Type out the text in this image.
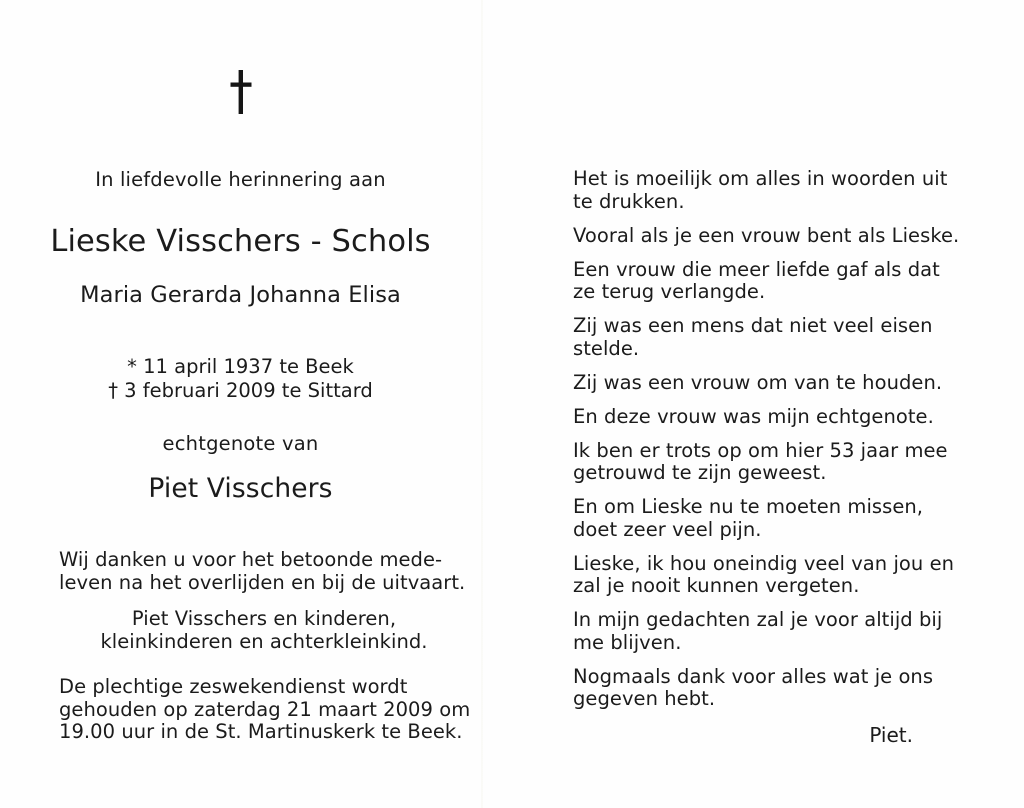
In liefdevolle herinnering aan
Lieske Visschers - Schols
Maria Gerarda Johanna Elisa
* 11 april 1937 te Beek
† 3 februari 2009 te Sittard
echtgenote van
Piet Visschers
Wij danken u voor het betoonde mede-leven na het overlijden en bij de uitvaart.
Piet Visschers en kinderen,
kleinkinderen en achterkleinkind.
De plechtige zeswekendienst wordt gehouden op zaterdag 21 maart 2009 om 19.00 uur in de St. Martinuskerk te Beek.

Het is moeilijk om alles in woorden uit te drukken.

Vooral als je een vrouw bent als Lieske.

Een vrouw die meer liefde gaf als dat ze terug verlangde.

Zij was een mens dat niet veel eisen stelde.

Zij was een vrouw om van te houden.

En deze vrouw was mijn echtgenote.

Ik ben er trots op om hier 53 jaar mee getrouwd te zijn geweest.

En om Lieske nu te moeten missen, doet zeer veel pijn.

Lieske, ik hou oneindig veel van jou en zal je nooit kunnen vergeten.

In mijn gedachten zal je voor altijd bij me blijven.

Nogmaals dank voor alles wat je ons gegeven hebt.

Piet.
